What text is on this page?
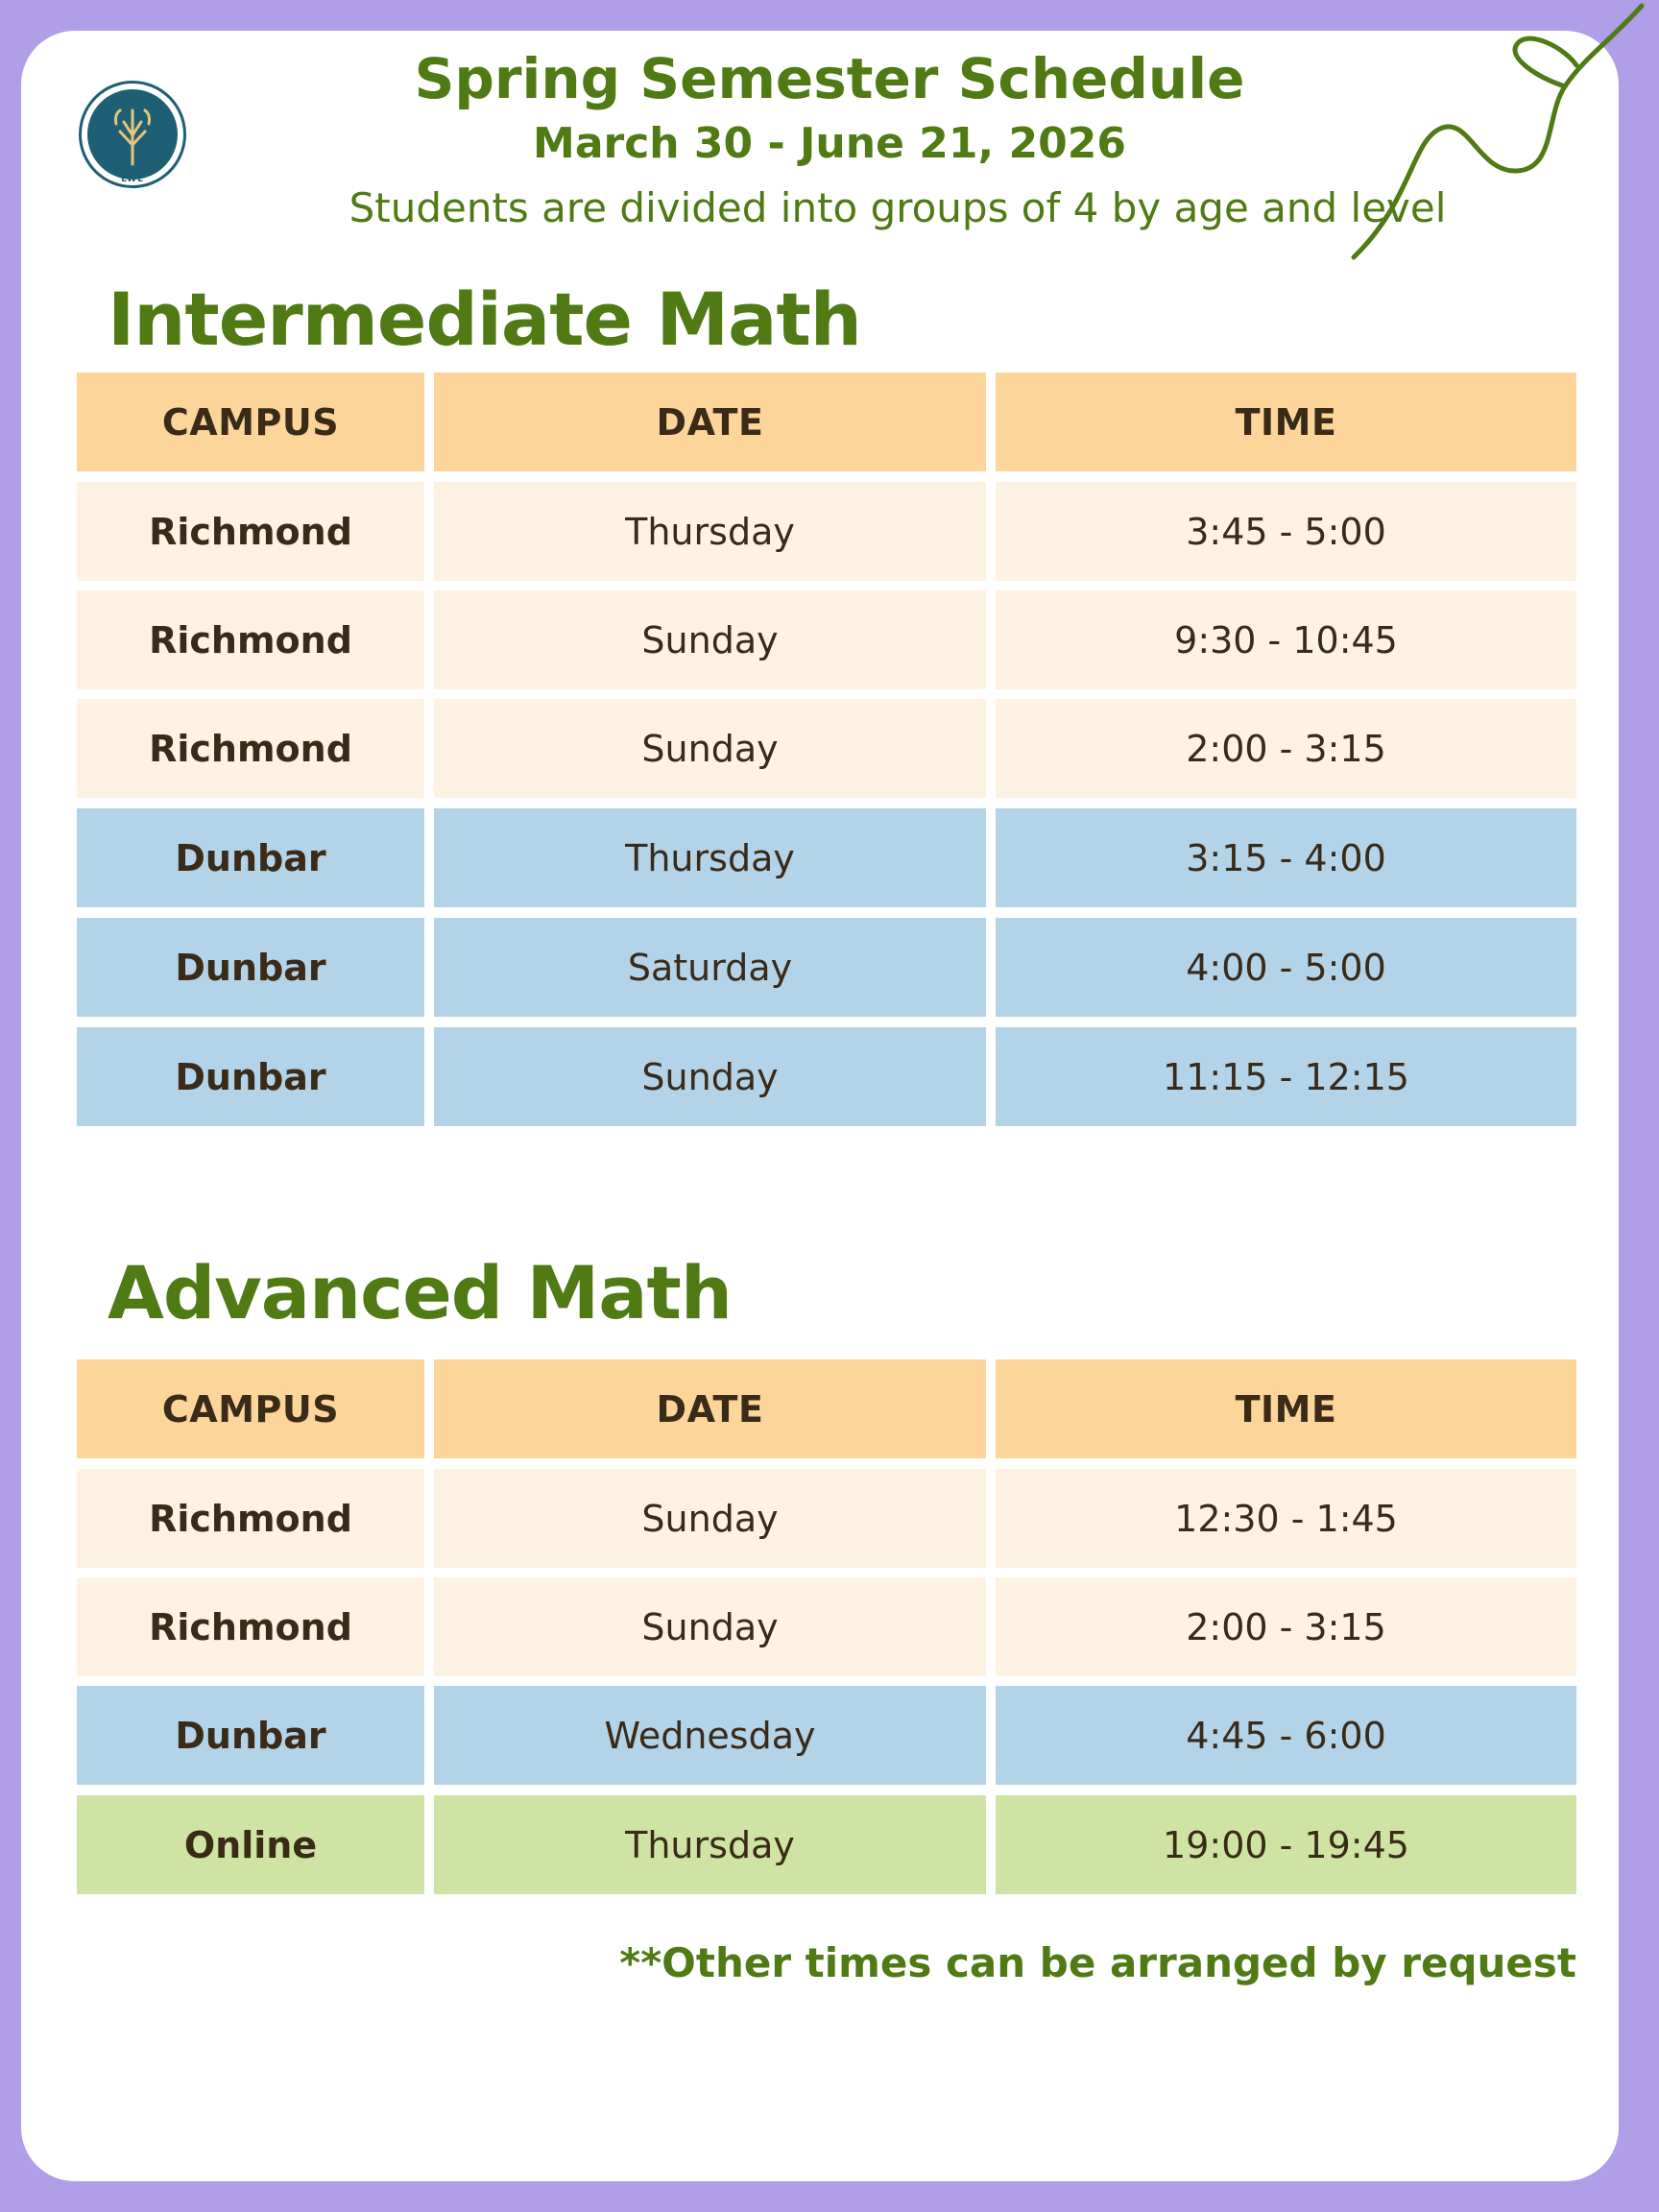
LWL
Spring Semester Schedule
March 30 - June 21, 2026
Students are divided into groups of 4 by age and level
Intermediate Math
CAMPUS	DATE	TIME
Richmond	Thursday	3:45 - 5:00
Richmond	Sunday	9:30 - 10:45
Richmond	Sunday	2:00 - 3:15
Dunbar	Thursday	3:15 - 4:00
Dunbar	Saturday	4:00 - 5:00
Dunbar	Sunday	11:15 - 12:15
Advanced Math
CAMPUS	DATE	TIME
Richmond	Sunday	12:30 - 1:45
Richmond	Sunday	2:00 - 3:15
Dunbar	Wednesday	4:45 - 6:00
Online	Thursday	19:00 - 19:45
**Other times can be arranged by request
